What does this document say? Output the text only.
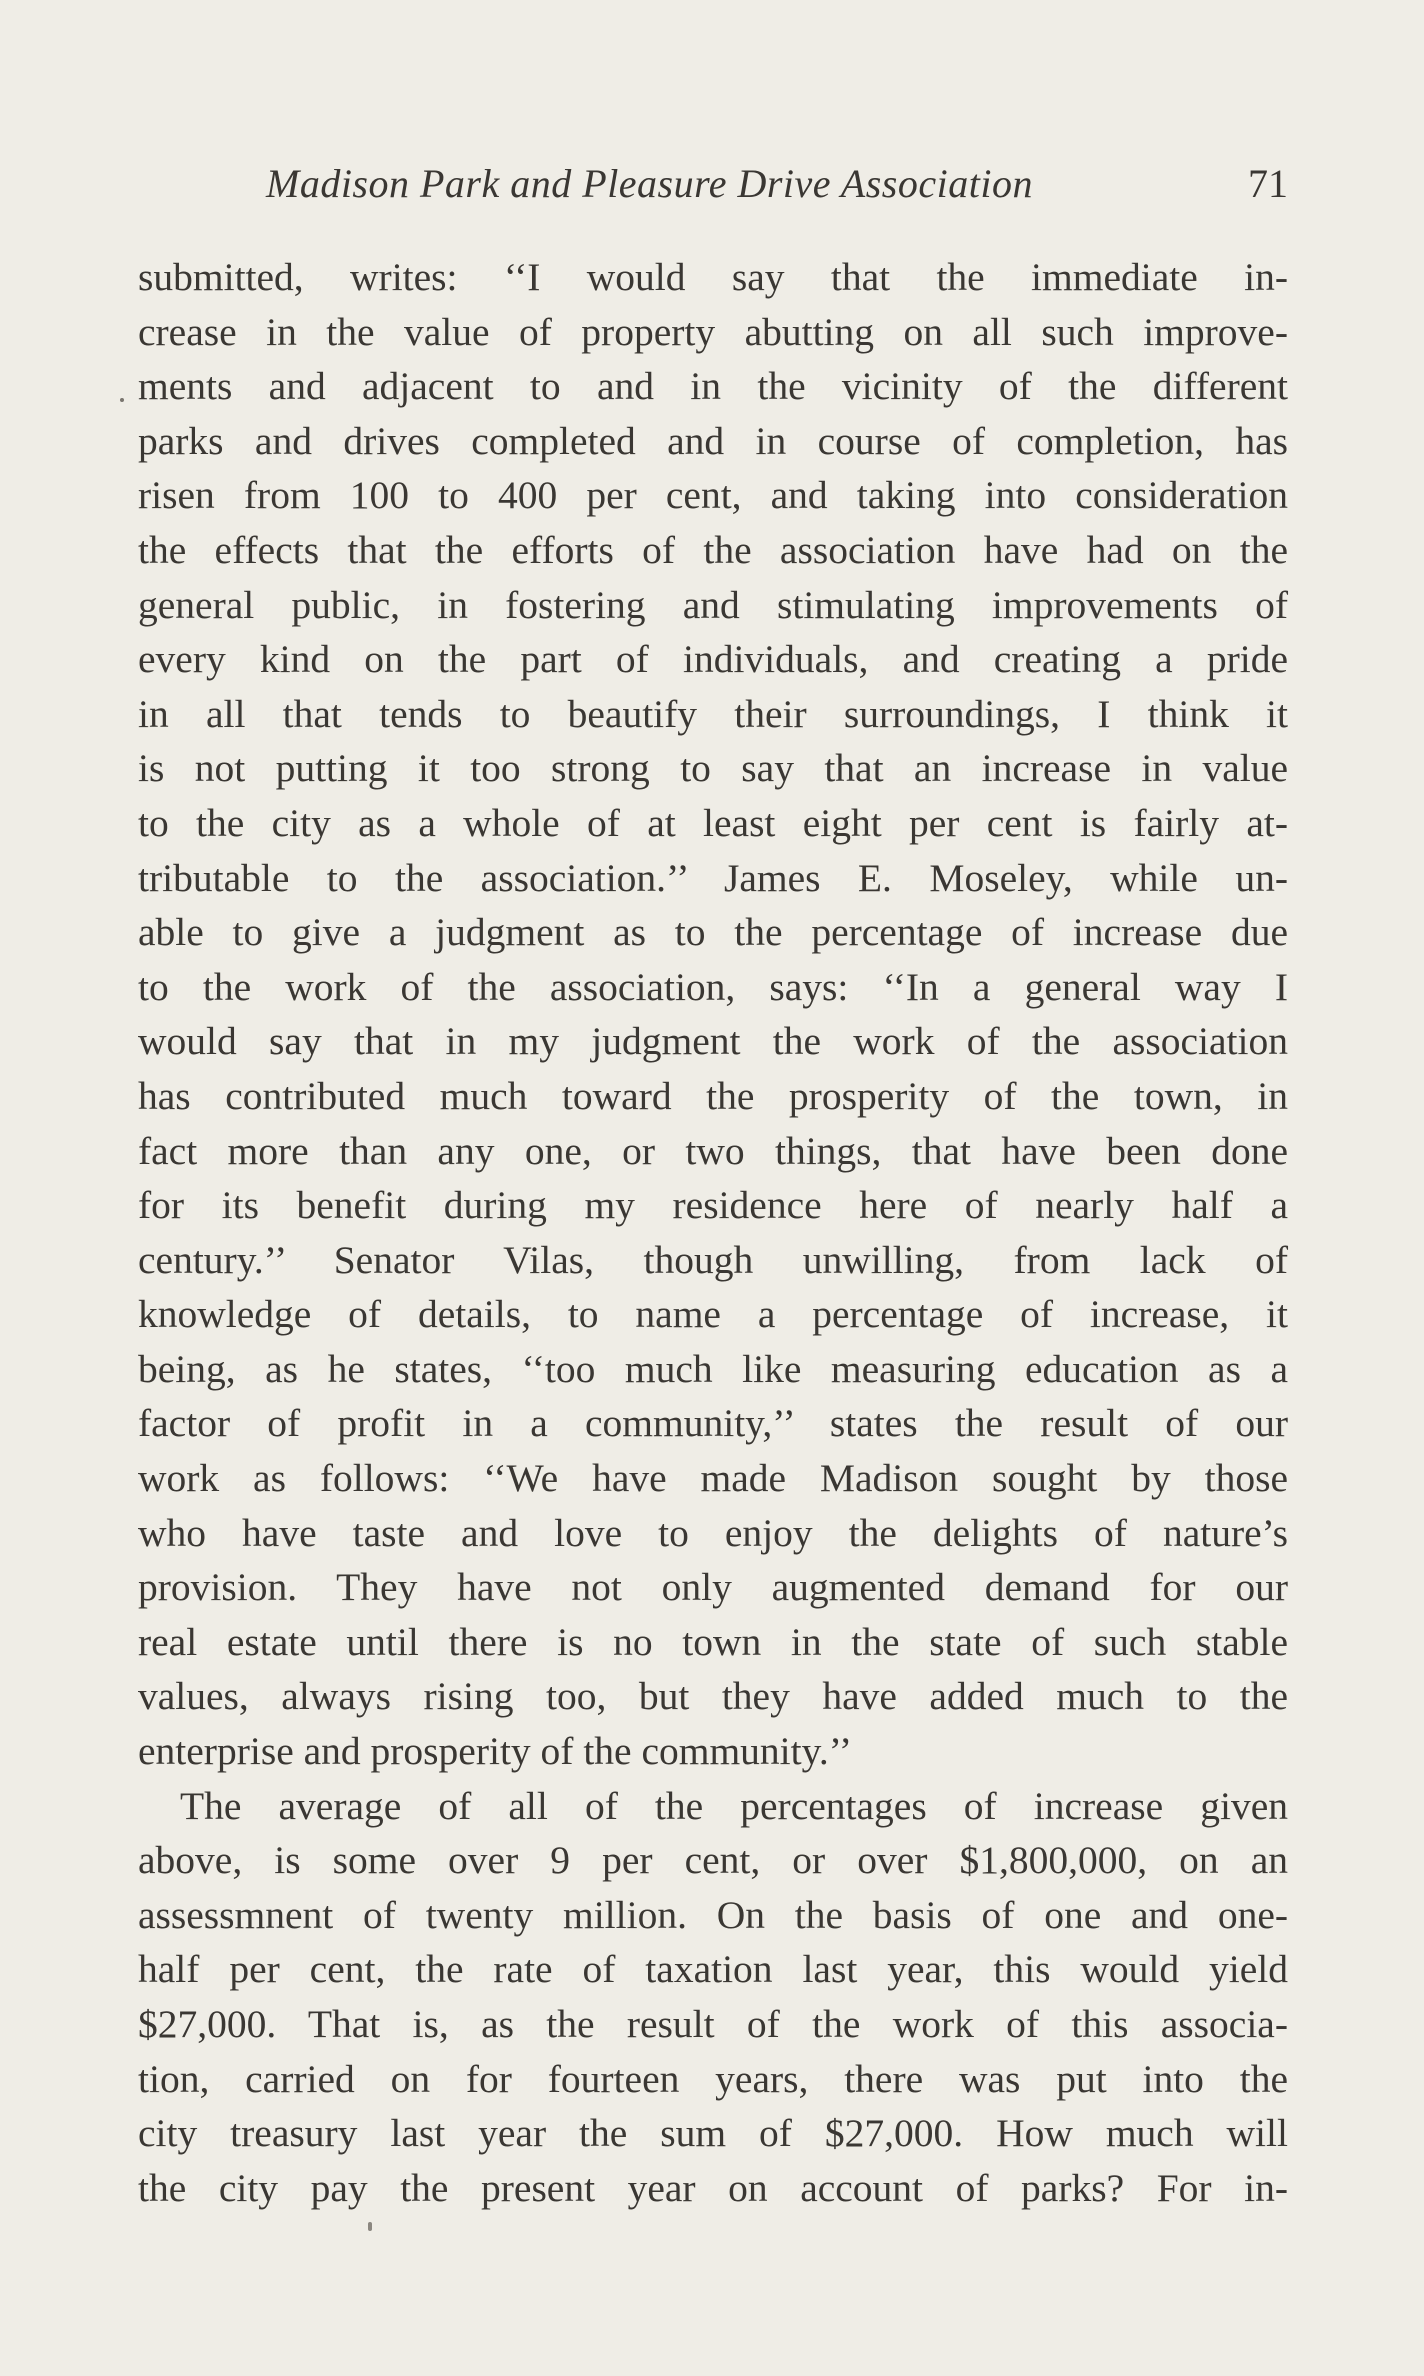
Madison Park and Pleasure Drive Association	71
submitted, writes: ‘‘I would say that the immediate in-
crease in the value of property abutting on all such improve-
ments and adjacent to and in the vicinity of the different
parks and drives completed and in course of completion, has
risen from 100 to 400 per cent, and taking into consideration
the effects that the efforts of the association have had on the
general public, in fostering and stimulating improvements of
every kind on the part of individuals, and creating a pride
in all that tends to beautify their surroundings, I think it
is not putting it too strong to say that an increase in value
to the city as a whole of at least eight per cent is fairly at-
tributable to the association.’’ James E. Moseley, while un-
able to give a judgment as to the percentage of increase due
to the work of the association, says: ‘‘In a general way I
would say that in my judgment the work of the association
has contributed much toward the prosperity of the town, in
fact more than any one, or two things, that have been done
for its benefit during my residence here of nearly half a
century.’’ Senator Vilas, though unwilling, from lack of
knowledge of details, to name a percentage of increase, it
being, as he states, ‘‘too much like measuring education as a
factor of profit in a community,’’ states the result of our
work as follows: ‘‘We have made Madison sought by those
who have taste and love to enjoy the delights of nature’s
provision. They have not only augmented demand for our
real estate until there is no town in the state of such stable
values, always rising too, but they have added much to the
enterprise and prosperity of the community.’’
The average of all of the percentages of increase given
above, is some over 9 per cent, or over $1,800,000, on an
assessmnent of twenty million. On the basis of one and one-
half per cent, the rate of taxation last year, this would yield
$27,000. That is, as the result of the work of this associa-
tion, carried on for fourteen years, there was put into the
city treasury last year the sum of $27,000. How much will
the city pay the present year on account of parks? For in-
